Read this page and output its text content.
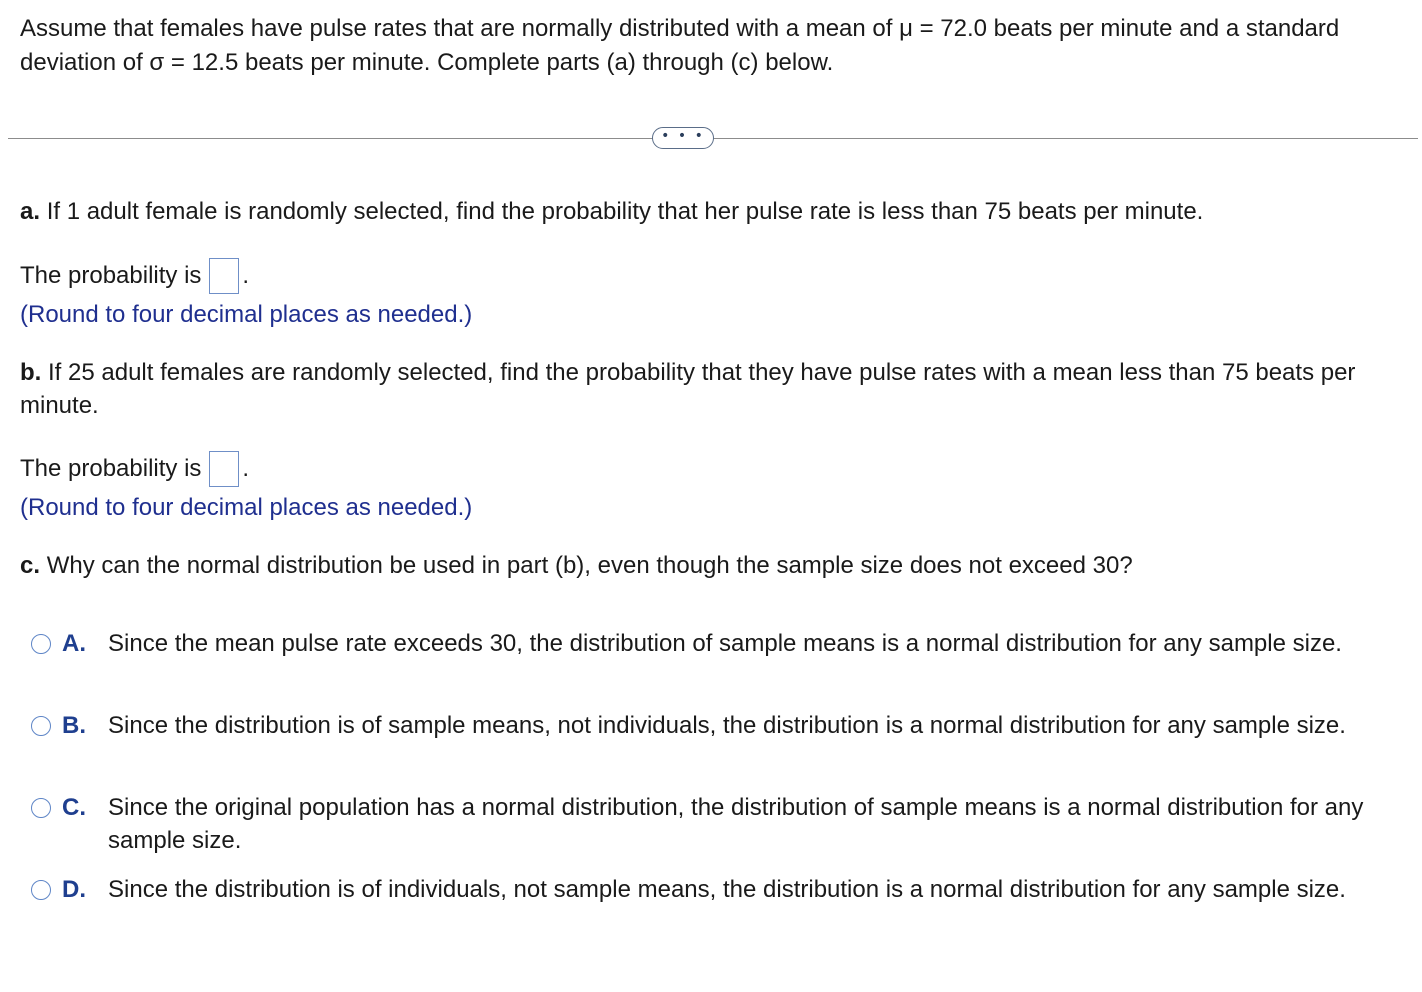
Assume that females have pulse rates that are normally distributed with a mean of μ = 72.0 beats per minute and a standard deviation of σ = 12.5 beats per minute. Complete parts (a) through (c) below.
• • •
a. If 1 adult female is randomly selected, find the probability that her pulse rate is less than 75 beats per minute.
The probability is .
(Round to four decimal places as needed.)
b. If 25 adult females are randomly selected, find the probability that they have pulse rates with a mean less than 75 beats per minute.
The probability is .
(Round to four decimal places as needed.)
c. Why can the normal distribution be used in part (b), even though the sample size does not exceed 30?
A. Since the mean pulse rate exceeds 30, the distribution of sample means is a normal distribution for any sample size.
B. Since the distribution is of sample means, not individuals, the distribution is a normal distribution for any sample size.
C. Since the original population has a normal distribution, the distribution of sample means is a normal distribution for any sample size.
D. Since the distribution is of individuals, not sample means, the distribution is a normal distribution for any sample size.
